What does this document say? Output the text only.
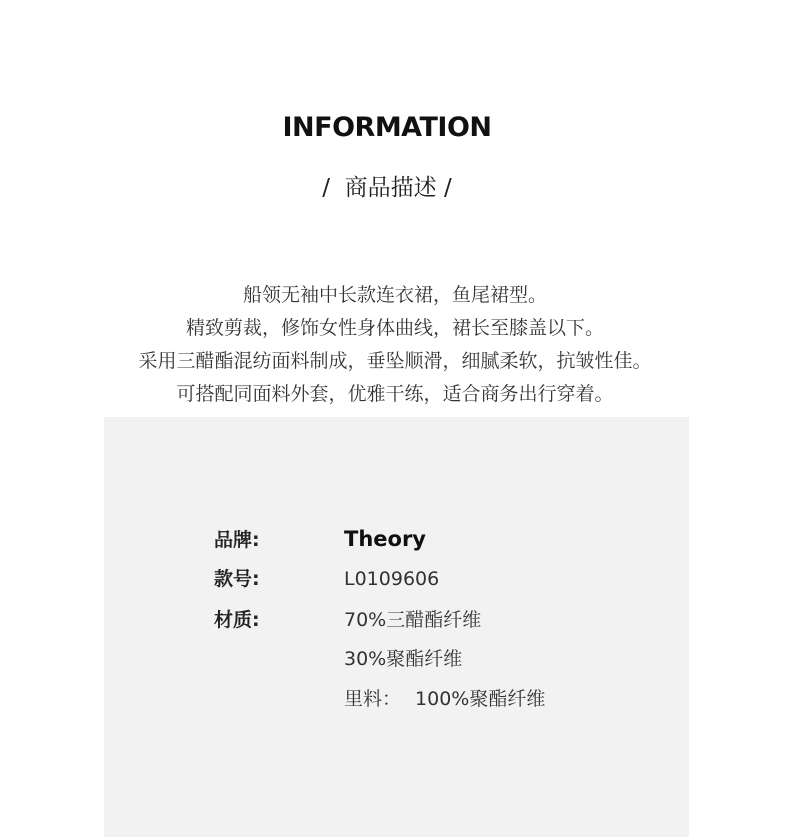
INFORMATION
/  商品描述 /
船领无袖中长款连衣裙，鱼尾裙型。
精致剪裁，修饰女性身体曲线，裙长至膝盖以下。
采用三醋酯混纺面料制成，垂坠顺滑，细腻柔软，抗皱性佳。
可搭配同面料外套，优雅干练，适合商务出行穿着。
品牌:	Theory
款号:	L0109606
材质:	70%三醋酯纤维
30%聚酯纤维
里料： 100%聚酯纤维
